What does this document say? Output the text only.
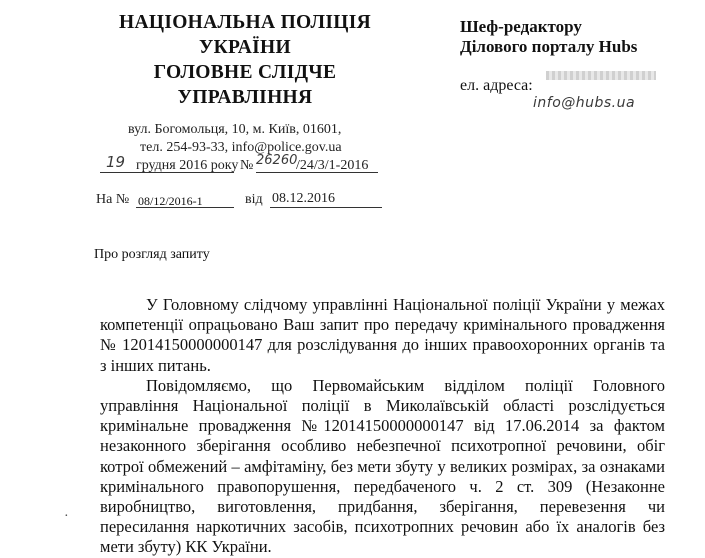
НАЦІОНАЛЬНА ПОЛІЦІЯ
УКРАЇНИ
ГОЛОВНЕ СЛІДЧЕ
УПРАВЛІННЯ
вул. Богомольця, 10, м. Київ, 01601,
тел. 254-93-33, info@police.gov.ua
19 грудня 2016 року № 26260
/24/3/1-2016
На № 08/12/2016-1	від 08.12.2016
Шеф-редактору
Ділового порталу Hubs
ел. адреса:
info@hubs.ua
Про розгляд запиту

У Головному слідчому управлінні Національної поліції України у межах компетенції опрацьовано Ваш запит про передачу кримінального провадження № 12014150000000147 для розслідування до інших правоохоронних органів та з інших питань.

Повідомляємо, що Первомайським відділом поліції Головного управління Національної поліції в Миколаївській області розслідується кримінальне провадження №12014150000000147 від 17.06.2014 за фактом незаконного зберігання особливо небезпечної психотропної речовини, обіг котрої обмежений – амфітаміну, без мети збуту у великих розмірах, за ознаками кримінального правопорушення, передбаченого ч. 2 ст. 309 (Незаконне виробництво, виготовлення, придбання, зберігання, перевезення чи пересилання наркотичних засобів, психотропних речовин або їх аналогів без мети збуту) КК України.

·
